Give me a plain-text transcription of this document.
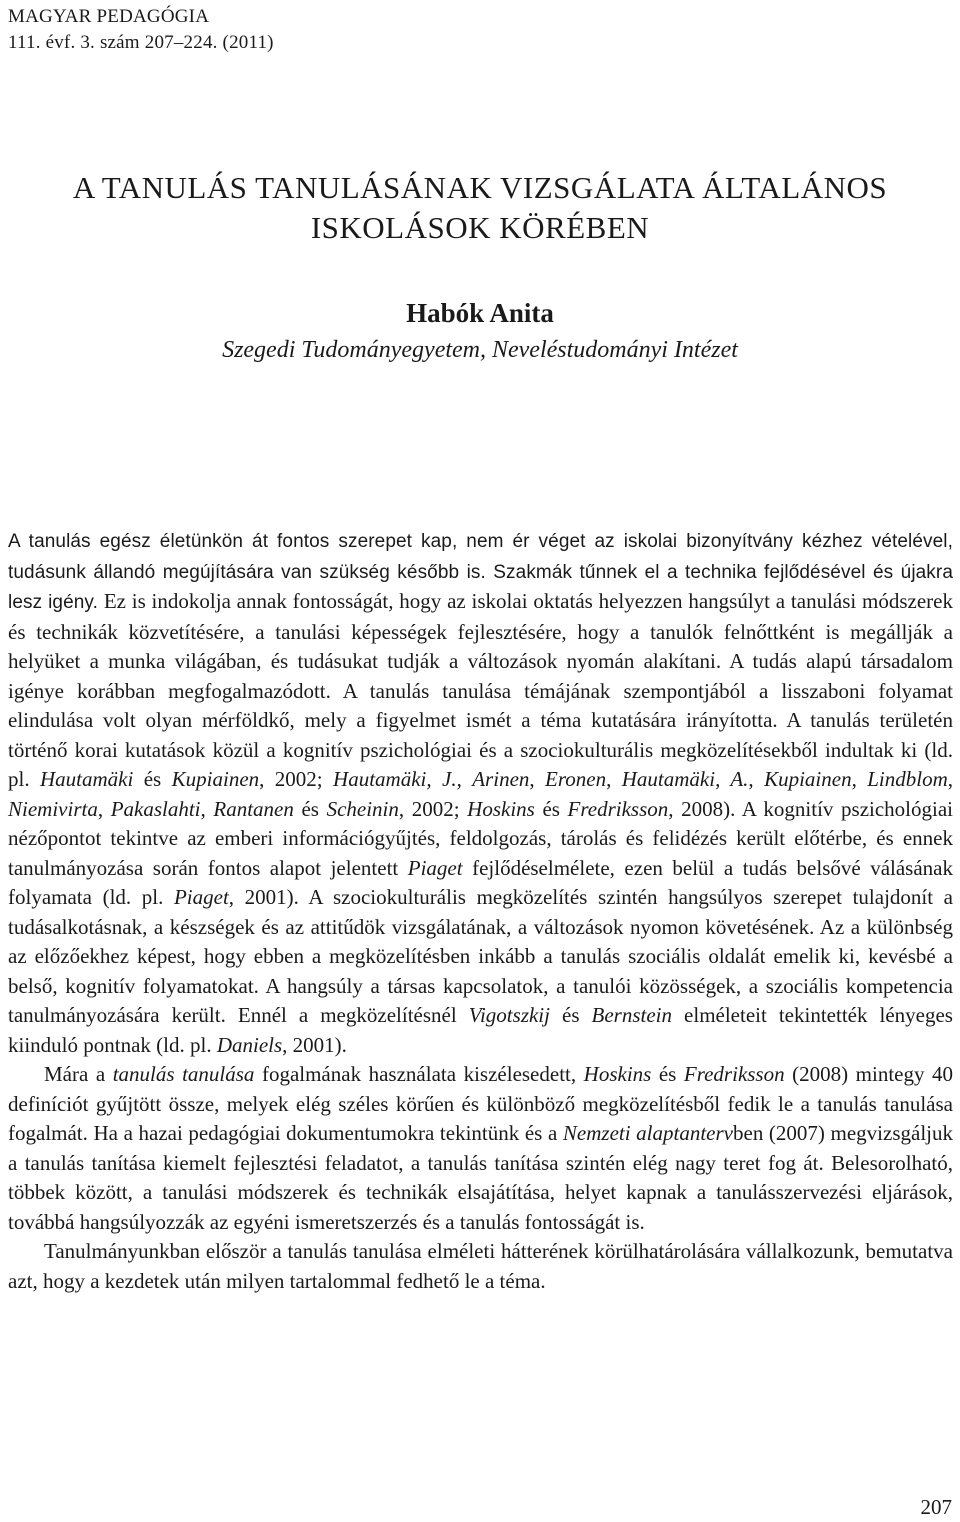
MAGYAR PEDAGÓGIA
111. évf. 3. szám 207–224. (2011)
A TANULÁS TANULÁSÁNAK VIZSGÁLATA ÁLTALÁNOS
ISKOLÁSOK KÖRÉBEN
Habók Anita
Szegedi Tudományegyetem, Neveléstudományi Intézet

A tanulás egész életünkön át fontos szerepet kap, nem ér véget az iskolai bizonyítvány kézhez vételével, tudásunk állandó megújítására van szükség később is. Szakmák tűnnek el a technika fejlődésével és újakra lesz igény. Ez is indokolja annak fontosságát, hogy az iskolai oktatás helyezzen hangsúlyt a tanulási módszerek és technikák közvetítésére, a tanulási képességek fejlesztésére, hogy a tanulók felnőttként is megállják a helyüket a munka világában, és tudásukat tudják a változások nyomán alakítani. A tudás alapú társadalom igénye korábban megfogalmazódott. A tanulás tanulása témájának szempontjából a lisszaboni folyamat elindulása volt olyan mérföldkő, mely a figyelmet ismét a téma kutatására irányította. A tanulás területén történő korai kutatások közül a kognitív pszichológiai és a szociokulturális megközelítésekből indultak ki (ld. pl. Hautamäki és Kupiainen, 2002; Hautamäki, J., Arinen, Eronen, Hautamäki, A., Kupiainen, Lindblom, Niemivirta, Pakaslahti, Rantanen és Scheinin, 2002; Hoskins és Fredriksson, 2008). A kognitív pszichológiai nézőpontot tekintve az emberi információgyűjtés, feldolgozás, tárolás és felidézés került előtérbe, és ennek tanulmányozása során fontos alapot jelentett Piaget fejlődéselmélete, ezen belül a tudás belsővé válásának folyamata (ld. pl. Piaget, 2001). A szociokulturális megközelítés szintén hangsúlyos szerepet tulajdonít a tudásalkotásnak, a készségek és az attitűdök vizsgálatának, a változások nyomon követésének. Az a különbség az előzőekhez képest, hogy ebben a megközelítésben inkább a tanulás szociális oldalát emelik ki, kevésbé a belső, kognitív folyamatokat. A hangsúly a társas kapcsolatok, a tanulói közösségek, a szociális kompetencia tanulmányozására került. Ennél a megközelítésnél Vigotszkij és Bernstein elméleteit tekintették lényeges kiinduló pontnak (ld. pl. Daniels, 2001).

Mára a tanulás tanulása fogalmának használata kiszélesedett, Hoskins és Fredriksson (2008) mintegy 40 definíciót gyűjtött össze, melyek elég széles körűen és különböző megközelítésből fedik le a tanulás tanulása fogalmát. Ha a hazai pedagógiai dokumentumokra tekintünk és a Nemzeti alaptantervben (2007) megvizsgáljuk a tanulás tanítása kiemelt fejlesztési feladatot, a tanulás tanítása szintén elég nagy teret fog át. Belesorolható, többek között, a tanulási módszerek és technikák elsajátítása, helyet kapnak a tanulásszervezési eljárások, továbbá hangsúlyozzák az egyéni ismeretszerzés és a tanulás fontosságát is.

Tanulmányunkban először a tanulás tanulása elméleti hátterének körülhatárolására vállalkozunk, bemutatva azt, hogy a kezdetek után milyen tartalommal fedhető le a téma.

207
